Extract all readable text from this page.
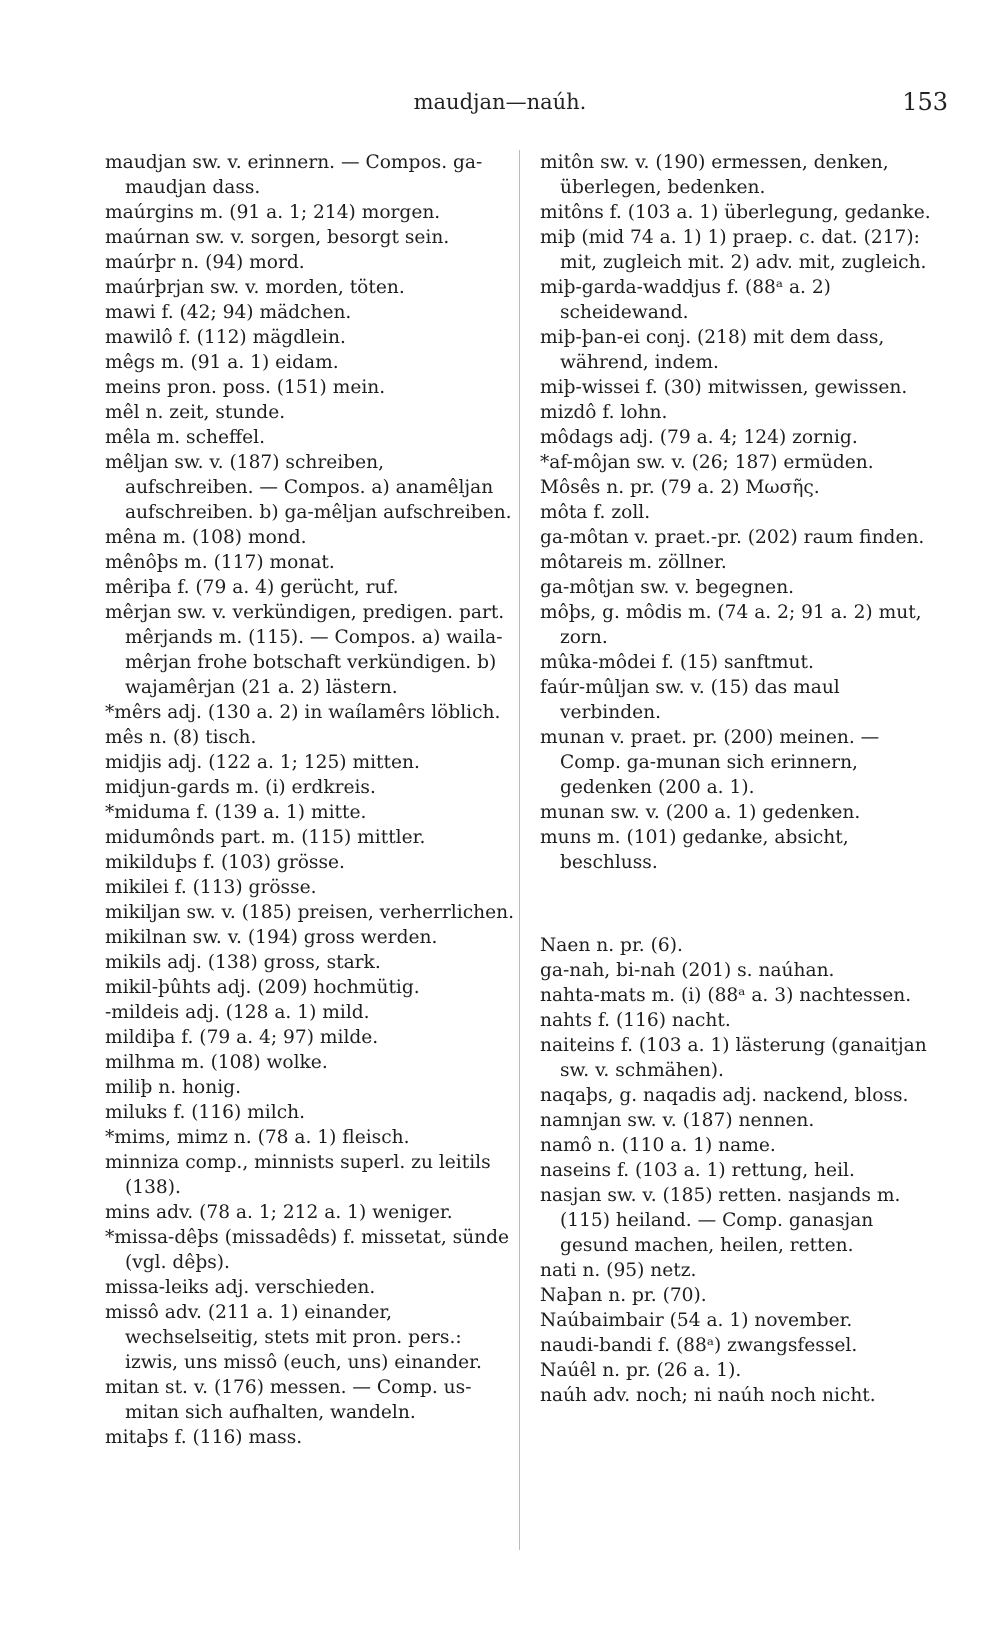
maudjan—naúh.	153

maudjan sw. v. erinnern. — Compos. ga-maudjan dass.

maúrgins m. (91 a. 1; 214) morgen.

maúrnan sw. v. sorgen, besorgt sein.

maúrþr n. (94) mord.

maúrþrjan sw. v. morden, töten.

mawi f. (42; 94) mädchen.

mawilô f. (112) mägdlein.

mêgs m. (91 a. 1) eidam.

meins pron. poss. (151) mein.

mêl n. zeit, stunde.

mêla m. scheffel.

mêljan sw. v. (187) schreiben, aufschreiben. — Compos. a) anamêljan aufschreiben. b) ga-mêljan aufschreiben.

mêna m. (108) mond.

mênôþs m. (117) monat.

mêriþa f. (79 a. 4) gerücht, ruf.

mêrjan sw. v. verkündigen, predigen. part. mêrjands m. (115). — Compos. a) waila-mêrjan frohe botschaft verkündigen. b) wajamêrjan (21 a. 2) lästern.

*mêrs adj. (130 a. 2) in waílamêrs löblich.

mês n. (8) tisch.

midjis adj. (122 a. 1; 125) mitten.

midjun-gards m. (i) erdkreis.

*miduma f. (139 a. 1) mitte.

midumônds part. m. (115) mittler.

mikilduþs f. (103) grösse.

mikilei f. (113) grösse.

mikiljan sw. v. (185) preisen, verherrlichen.

mikilnan sw. v. (194) gross werden.

mikils adj. (138) gross, stark.

mikil-þûhts adj. (209) hochmütig.

-mildeis adj. (128 a. 1) mild.

mildiþa f. (79 a. 4; 97) milde.

milhma m. (108) wolke.

miliþ n. honig.

miluks f. (116) milch.

*mims, mimz n. (78 a. 1) fleisch.

minniza comp., minnists superl. zu leitils (138).

mins adv. (78 a. 1; 212 a. 1) weniger.

*missa-dêþs (missadêds) f. missetat, sünde (vgl. dêþs).

missa-leiks adj. verschieden.

missô adv. (211 a. 1) einander, wechselseitig, stets mit pron. pers.: izwis, uns missô (euch, uns) einander.

mitan st. v. (176) messen. — Comp. us-mitan sich aufhalten, wandeln.

mitaþs f. (116) mass.

mitôn sw. v. (190) ermessen, denken, überlegen, bedenken.

mitôns f. (103 a. 1) überlegung, gedanke.

miþ (mid 74 a. 1) 1) praep. c. dat. (217): mit, zugleich mit. 2) adv. mit, zugleich.

miþ-garda-waddjus f. (88ᵃ a. 2) scheidewand.

miþ-þan-ei conj. (218) mit dem dass, während, indem.

miþ-wissei f. (30) mitwissen, gewissen.

mizdô f. lohn.

môdags adj. (79 a. 4; 124) zornig.

*af-môjan sw. v. (26; 187) ermüden.

Môsês n. pr. (79 a. 2) Μωσῆς.

môta f. zoll.

ga-môtan v. praet.-pr. (202) raum finden.

môtareis m. zöllner.

ga-môtjan sw. v. begegnen.

môþs, g. môdis m. (74 a. 2; 91 a. 2) mut, zorn.

mûka-môdei f. (15) sanftmut.

faúr-mûljan sw. v. (15) das maul verbinden.

munan v. praet. pr. (200) meinen. — Comp. ga-munan sich erinnern, gedenken (200 a. 1).

munan sw. v. (200 a. 1) gedenken.

muns m. (101) gedanke, absicht, beschluss.

Naen n. pr. (6).

ga-nah, bi-nah (201) s. naúhan.

nahta-mats m. (i) (88ᵃ a. 3) nachtessen.

nahts f. (116) nacht.

naiteins f. (103 a. 1) lästerung (ganaitjan sw. v. schmähen).

naqaþs, g. naqadis adj. nackend, bloss.

namnjan sw. v. (187) nennen.

namô n. (110 a. 1) name.

naseins f. (103 a. 1) rettung, heil.

nasjan sw. v. (185) retten. nasjands m. (115) heiland. — Comp. ganasjan gesund machen, heilen, retten.

nati n. (95) netz.

Naþan n. pr. (70).

Naúbaimbair (54 a. 1) november.

naudi-bandi f. (88ᵃ) zwangsfessel.

Naúêl n. pr. (26 a. 1).

naúh adv. noch; ni naúh noch nicht.
